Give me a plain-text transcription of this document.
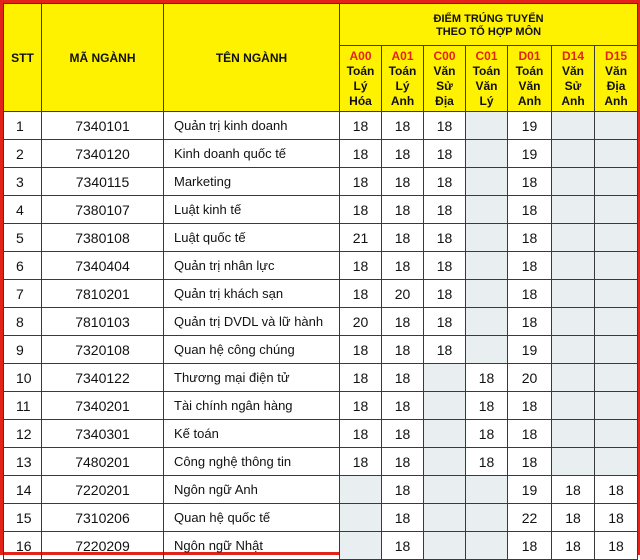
STT	MÃ NGÀNH	TÊN NGÀNH	ĐIỂM TRÚNG TUYỂN
THEO TỔ HỢP MÔN						

			A00
Toán
Lý
Hóa	A01
Toán
Lý
Anh	C00
Văn
Sử
Địa	C01
Toán
Văn
Lý	D01
Toán
Văn
Anh	D14
Văn
Sử
Anh	D15
Văn
Địa
Anh

1	7340101	Quản trị kinh doanh	18	18	18		19		
2	7340120	Kinh doanh quốc tế	18	18	18		19		
3	7340115	Marketing	18	18	18		18		
4	7380107	Luật kinh tế	18	18	18		18		
5	7380108	Luật quốc tế	21	18	18		18		
6	7340404	Quản trị nhân lực	18	18	18		18		
7	7810201	Quản trị khách sạn	18	20	18		18		
8	7810103	Quản trị DVDL và lữ hành	20	18	18		18		
9	7320108	Quan hệ công chúng	18	18	18		19		
10	7340122	Thương mại điện tử	18	18		18	20		
11	7340201	Tài chính ngân hàng	18	18		18	18		
12	7340301	Kế toán	18	18		18	18		
13	7480201	Công nghệ thông tin	18	18		18	18		
14	7220201	Ngôn ngữ Anh		18			19	18	18
15	7310206	Quan hệ quốc tế		18			22	18	18
16	7220209	Ngôn ngữ Nhật		18			18	18	18
